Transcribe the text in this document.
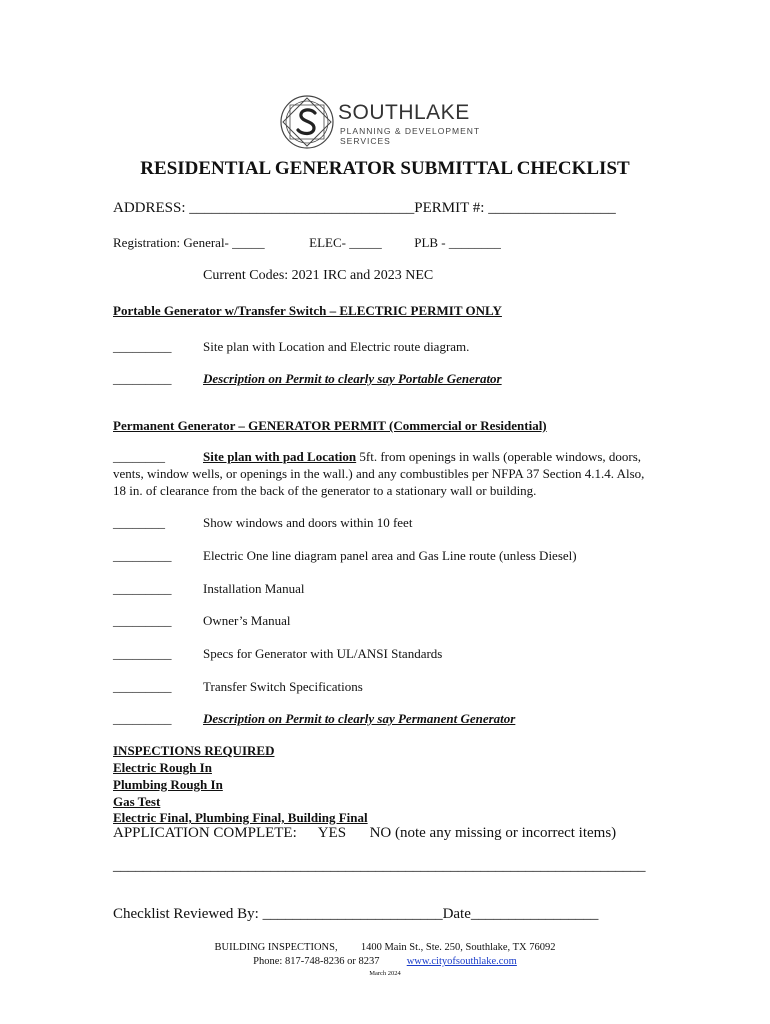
SOUTHLAKE
PLANNING & DEVELOPMENT
SERVICES
RESIDENTIAL GENERATOR SUBMITTAL CHECKLIST
ADDRESS: ______________________________PERMIT #: _________________
Registration: General- _____	ELEC- _____	PLB - ________
Current Codes: 2021 IRC and 2023 NEC
Portable Generator w/Transfer Switch – ELECTRIC PERMIT ONLY
_________ Site plan with Location and Electric route diagram.
_________ Description on Permit to clearly say Portable Generator
Permanent Generator – GENERATOR PERMIT (Commercial or Residential)
________	Site plan with pad Location 5ft. from openings in walls (operable windows, doors, vents, window wells, or openings in the wall.) and any combustibles per NFPA 37 Section 4.1.4. Also, 18 in. of clearance from the back of the generator to a stationary wall or building.
________	Show windows and doors within 10 feet
_________ Electric One line diagram panel area and Gas Line route (unless Diesel)
_________ Installation Manual
_________ Owner’s Manual
_________ Specs for Generator with UL/ANSI Standards
_________ Transfer Switch Specifications
_________ Description on Permit to clearly say Permanent Generator
INSPECTIONS REQUIRED
Electric Rough In
Plumbing Rough In
Gas Test
Electric Final, Plumbing Final, Building Final
APPLICATION COMPLETE: YES NO (note any missing or incorrect items)
_______________________________________________________________________
Checklist Reviewed By: ________________________Date_________________
BUILDING INSPECTIONS, 1400 Main St., Ste. 250, Southlake, TX 76092
Phone: 817-748-8236 or 8237	www.cityofsouthlake.com
March 2024
